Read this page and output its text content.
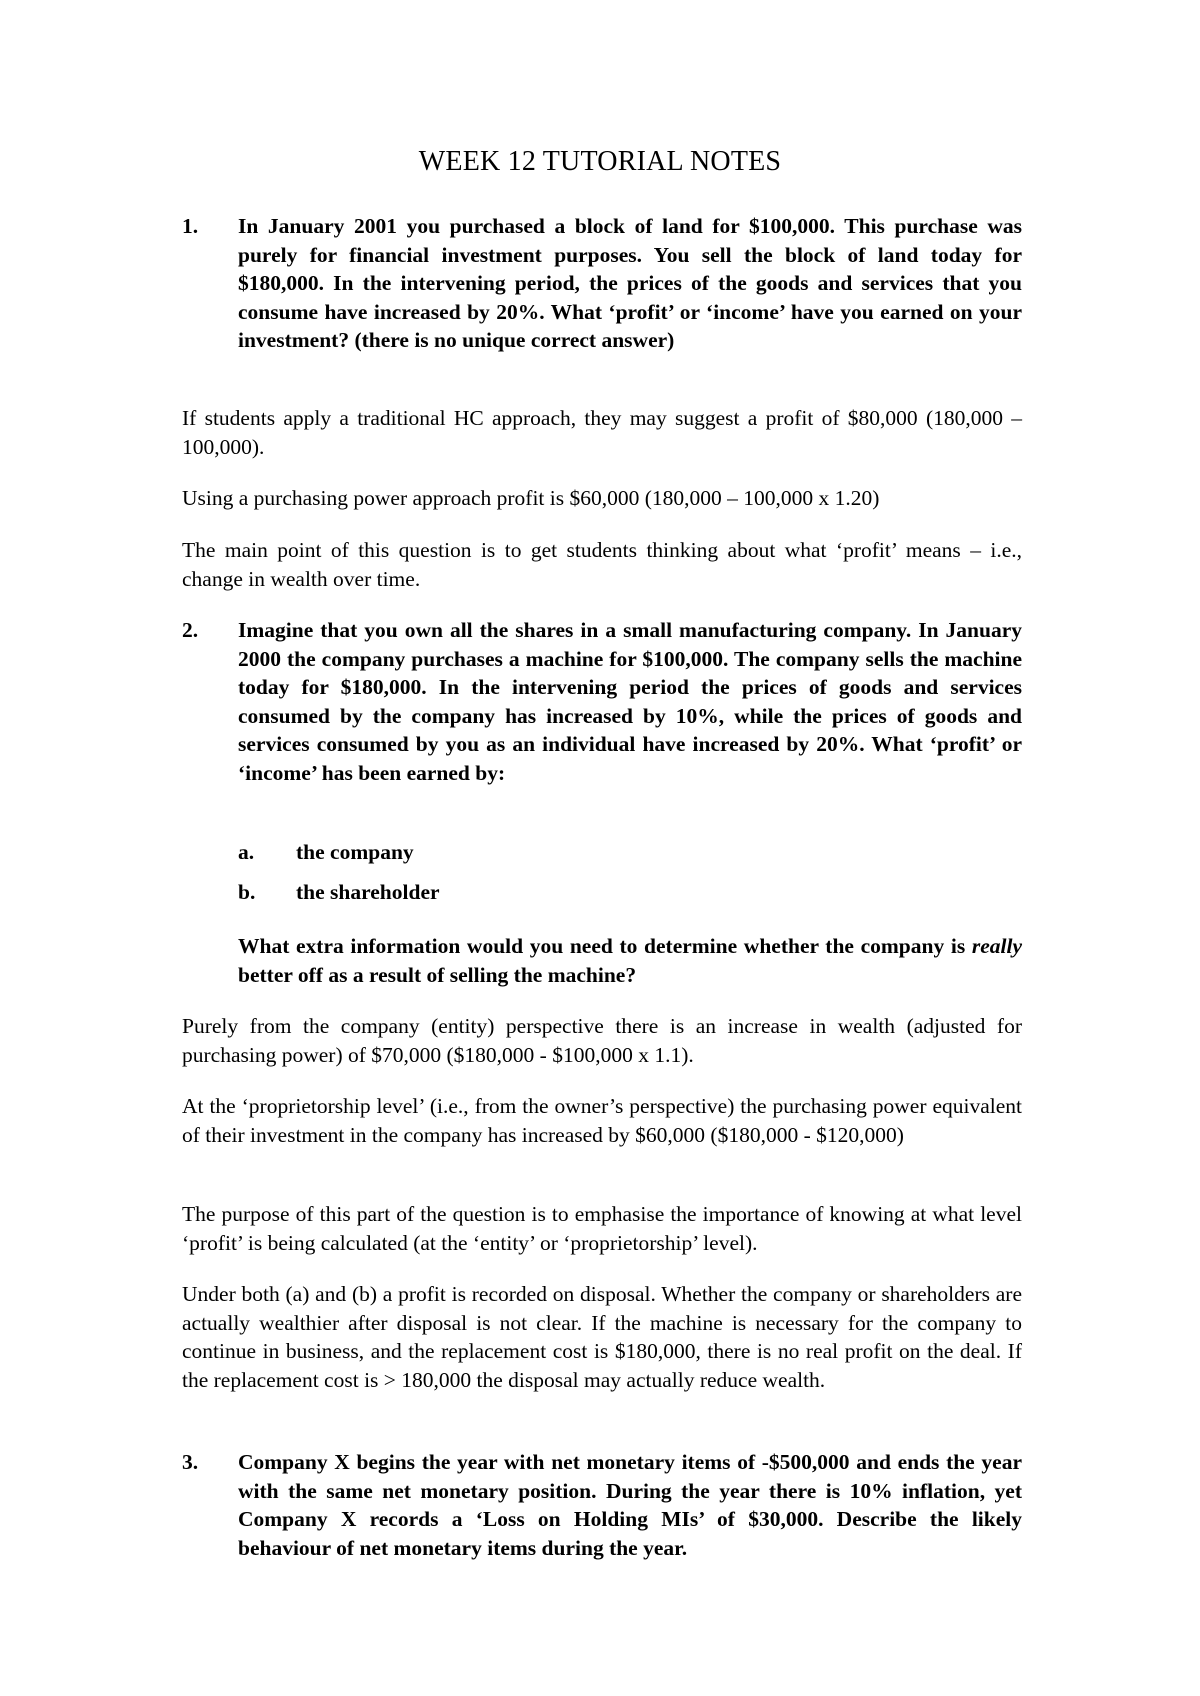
WEEK 12 TUTORIAL NOTES
1. In January 2001 you purchased a block of land for $100,000. This purchase was purely for financial investment purposes. You sell the block of land today for $180,000. In the intervening period, the prices of the goods and services that you consume have increased by 20%. What ‘profit’ or ‘income’ have you earned on your investment? (there is no unique correct answer)

If students apply a traditional HC approach, they may suggest a profit of $80,000 (180,000 – 100,000).

Using a purchasing power approach profit is $60,000 (180,000 – 100,000 x 1.20)

The main point of this question is to get students thinking about what ‘profit’ means – i.e., change in wealth over time.

2. Imagine that you own all the shares in a small manufacturing company. In January 2000 the company purchases a machine for $100,000. The company sells the machine today for $180,000. In the intervening period the prices of goods and services consumed by the company has increased by 10%, while the prices of goods and services consumed by you as an individual have increased by 20%. What ‘profit’ or ‘income’ has been earned by:

a. the company

b. the shareholder

What extra information would you need to determine whether the company is really better off as a result of selling the machine?

Purely from the company (entity) perspective there is an increase in wealth (adjusted for purchasing power) of $70,000 ($180,000 - $100,000 x 1.1).

At the ‘proprietorship level’ (i.e., from the owner’s perspective) the purchasing power equivalent of their investment in the company has increased by $60,000 ($180,000 - $120,000)

The purpose of this part of the question is to emphasise the importance of knowing at what level ‘profit’ is being calculated (at the ‘entity’ or ‘proprietorship’ level).

Under both (a) and (b) a profit is recorded on disposal. Whether the company or shareholders are actually wealthier after disposal is not clear. If the machine is necessary for the company to continue in business, and the replacement cost is $180,000, there is no real profit on the deal. If the replacement cost is > 180,000 the disposal may actually reduce wealth.

3. Company X begins the year with net monetary items of -$500,000 and ends the year with the same net monetary position. During the year there is 10% inflation, yet Company X records a ‘Loss on Holding MIs’ of $30,000. Describe the likely behaviour of net monetary items during the year.
